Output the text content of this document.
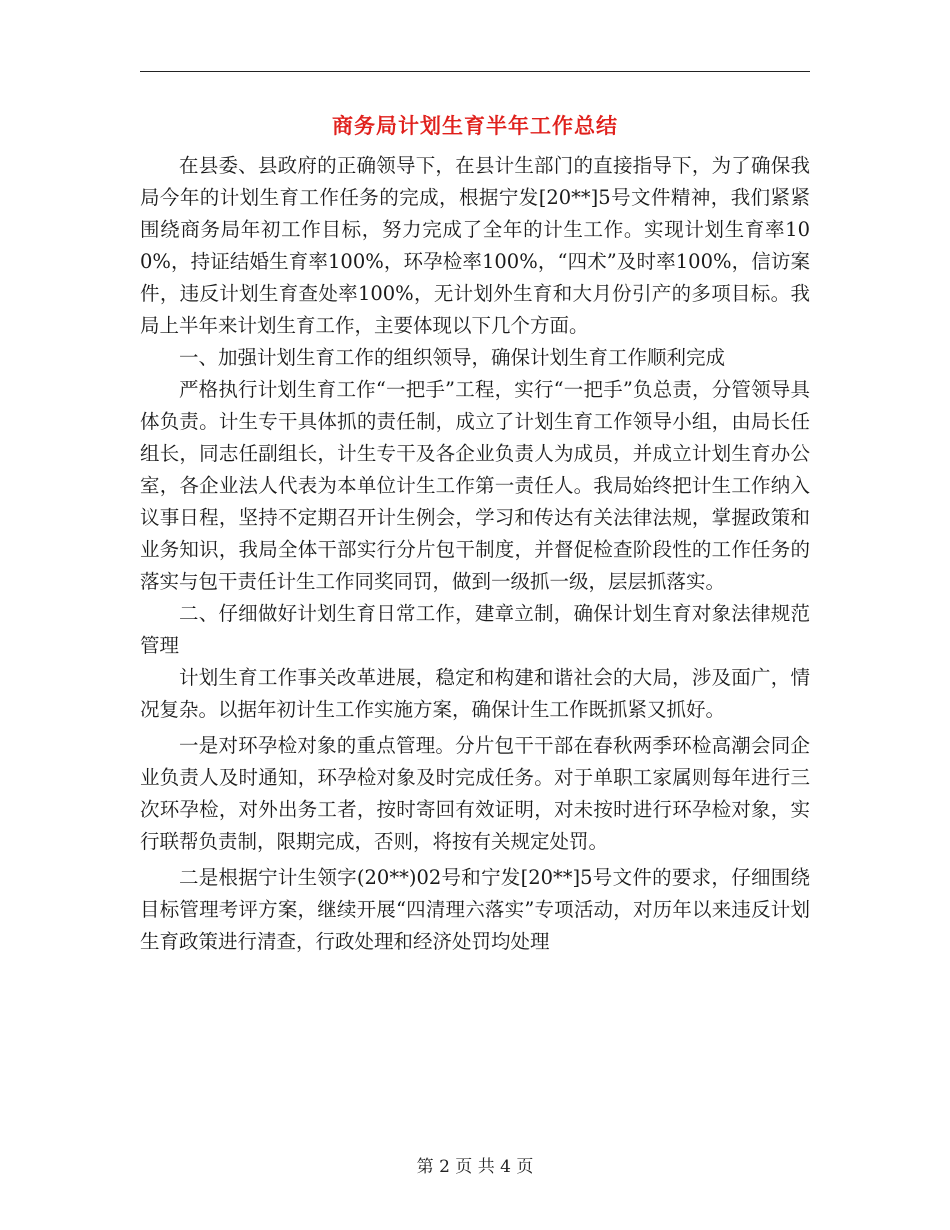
商务局计划生育半年工作总结

在县委、县政府的正确领导下，在县计生部门的直接指导下，为了确保我局今年的计划生育工作任务的完成，根据宁发[20**]5号文件精神，我们紧紧围绕商务局年初工作目标，努力完成了全年的计生工作。实现计划生育率100%，持证结婚生育率100%，环孕检率100%，“四术”及时率100%，信访案件，违反计划生育查处率100%，无计划外生育和大月份引产的多项目标。我局上半年来计划生育工作，主要体现以下几个方面。

一、加强计划生育工作的组织领导，确保计划生育工作顺利完成

严格执行计划生育工作“一把手”工程，实行“一把手”负总责，分管领导具体负责。计生专干具体抓的责任制，成立了计划生育工作领导小组，由局长任组长，同志任副组长，计生专干及各企业负责人为成员，并成立计划生育办公室，各企业法人代表为本单位计生工作第一责任人。我局始终把计生工作纳入议事日程，坚持不定期召开计生例会，学习和传达有关法律法规，掌握政策和业务知识，我局全体干部实行分片包干制度，并督促检查阶段性的工作任务的落实与包干责任计生工作同奖同罚，做到一级抓一级，层层抓落实。

二、仔细做好计划生育日常工作，建章立制，确保计划生育对象法律规范管理

计划生育工作事关改革进展，稳定和构建和谐社会的大局，涉及面广，情况复杂。以据年初计生工作实施方案，确保计生工作既抓紧又抓好。

一是对环孕检对象的重点管理。分片包干干部在春秋两季环检高潮会同企业负责人及时通知，环孕检对象及时完成任务。对于单职工家属则每年进行三次环孕检，对外出务工者，按时寄回有效证明，对未按时进行环孕检对象，实行联帮负责制，限期完成，否则，将按有关规定处罚。

二是根据宁计生领字(20**)02号和宁发[20**]5号文件的要求，仔细围绕目标管理考评方案，继续开展“四清理六落实”专项活动，对历年以来违反计划生育政策进行清查，行政处理和经济处罚均处理

第 2 页 共 4 页
